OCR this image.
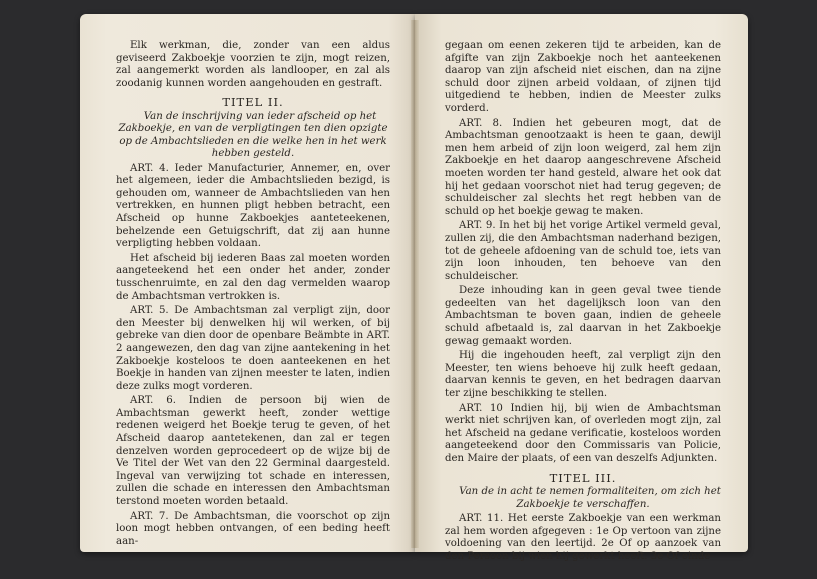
Elk werkman, die, zonder van een aldus geviseerd Zakboekje voorzien te zijn, mogt reizen, zal aangemerkt worden als landlooper, en zal als zoodanig kunnen worden aangehouden en gestraft.

TITEL II.

Van de inschrijving van ieder afscheid op het Zakboekje, en van de verpligtingen ten dien opzigte op de Ambachtslieden en die welke hen in het werk hebben gesteld.

ART. 4. Ieder Manufacturier, Annemer, en, over het algemeen, ieder die Ambachtslieden bezigd, is gehouden om, wanneer de Ambachtslieden van hen vertrekken, en hunnen pligt hebben betracht, een Afscheid op hunne Zakboekjes aanteteekenen, behelzende een Getuigschrift, dat zij aan hunne verpligting hebben voldaan.

Het afscheid bij iederen Baas zal moeten worden aangeteekend het een onder het ander, zonder tusschenruimte, en zal den dag vermelden waarop de Ambachtsman vertrokken is.

ART. 5. De Ambachtsman zal verpligt zijn, door den Meester bij denwelken hij wil werken, of bij gebreke van dien door de openbare Beämbte in ART. 2 aangewezen, den dag van zijne aantekening in het Zakboekje kosteloos te doen aanteekenen en het Boekje in handen van zijnen meester te laten, indien deze zulks mogt vorderen.

ART. 6. Indien de persoon bij wien de Ambachtsman gewerkt heeft, zonder wettige redenen weigerd het Boekje terug te geven, of het Afscheid daarop aantetekenen, dan zal er tegen denzelven worden geprocedeert op de wijze bij de Ve Titel der Wet van den 22 Germinal daargesteld. Ingeval van verwijzing tot schade en interessen, zullen die schade en interessen den Ambachtsman terstond moeten worden betaald.

ART. 7. De Ambachtsman, die voorschot op zijn loon mogt hebben ontvangen, of een beding heeft aan-

gegaan om eenen zekeren tijd te arbeiden, kan de afgifte van zijn Zakboekje noch het aanteekenen daarop van zijn afscheid niet eischen, dan na zijne schuld door zijnen arbeid voldaan, of zijnen tijd uitgediend te hebben, indien de Meester zulks vorderd.

ART. 8. Indien het gebeuren mogt, dat de Ambachtsman genootzaakt is heen te gaan, dewijl men hem arbeid of zijn loon weigerd, zal hem zijn Zakboekje en het daarop aangeschrevene Afscheid moeten worden ter hand gesteld, alware het ook dat hij het gedaan voorschot niet had terug gegeven; de schuldeischer zal slechts het regt hebben van de schuld op het boekje gewag te maken.

ART. 9. In het bij het vorige Artikel vermeld geval, zullen zij, die den Ambachtsman naderhand bezigen, tot de geheele afdoening van de schuld toe, iets van zijn loon inhouden, ten behoeve van den schuldeischer.

Deze inhouding kan in geen geval twee tiende gedeelten van het dagelijksch loon van den Ambachtsman te boven gaan, indien de geheele schuld afbetaald is, zal daarvan in het Zakboekje gewag gemaakt worden.

Hij die ingehouden heeft, zal verpligt zijn den Meester, ten wiens behoeve hij zulk heeft gedaan, daarvan kennis te geven, en het bedragen daarvan ter zijne beschikking te stellen.

ART. 10 Indien hij, bij wien de Ambachtsman werkt niet schrijven kan, of overleden mogt zijn, zal het Afscheid na gedane verificatie, kosteloos worden aangeteekend door den Commissaris van Policie, den Maire der plaats, of een van deszelfs Adjunkten.

TITEL III.

Van de in acht te nemen formaliteiten, om zich het Zakboekje te verschaffen.

ART. 11. Het eerste Zakboekje van een werkman zal hem worden afgegeven : 1e Op vertoon van zijne voldoening van den leertijd. 2e Of op aanzoek van den Persoon bij wien hij gewerkt heeft. 3e Of einde-
